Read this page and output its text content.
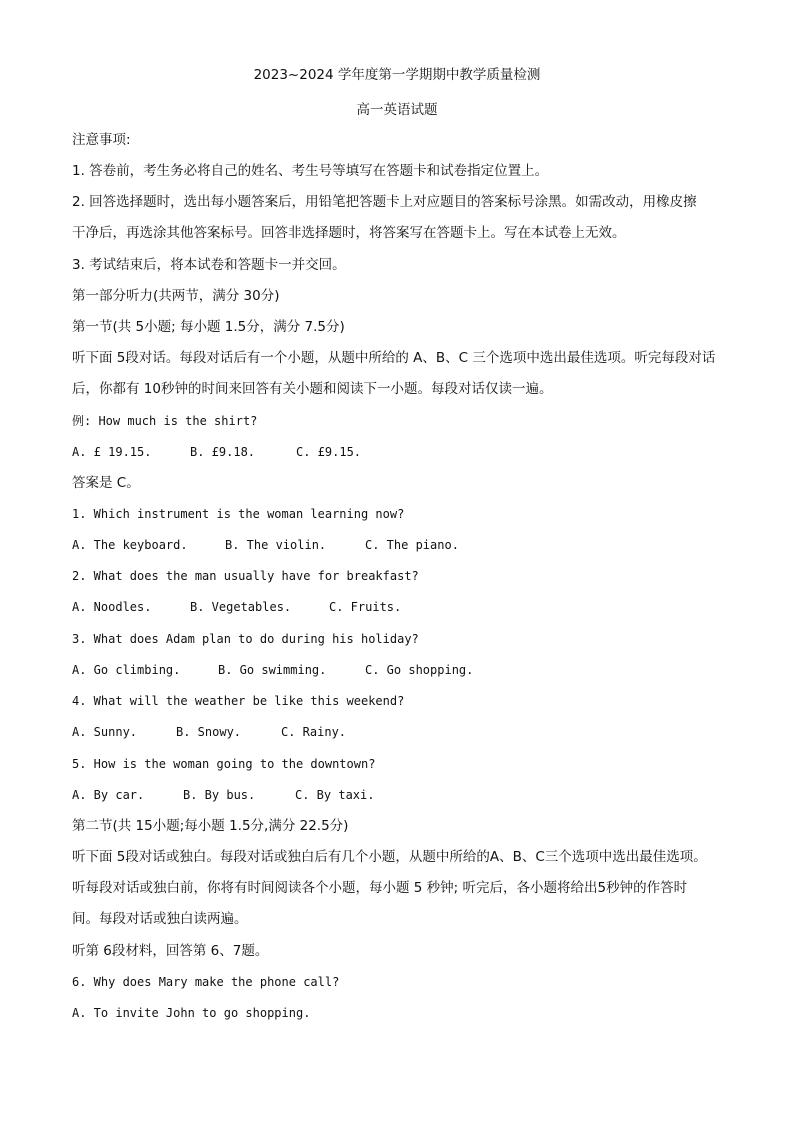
2023~2024 学年度第一学期期中教学质量检测
高一英语试题
注意事项:
1. 答卷前，考生务必将自己的姓名、考生号等填写在答题卡和试卷指定位置上。
2. 回答选择题时，选出每小题答案后，用铅笔把答题卡上对应题目的答案标号涂黑。如需改动，用橡皮擦
干净后，再选涂其他答案标号。回答非选择题时，将答案写在答题卡上。写在本试卷上无效。
3. 考试结束后，将本试卷和答题卡一并交回。
第一部分听力(共两节，满分 30分)
第一节(共 5小题; 每小题 1.5分，满分 7.5分)
听下面 5段对话。每段对话后有一个小题，从题中所给的 A、B、C 三个选项中选出最佳选项。听完每段对话
后，你都有 10秒钟的时间来回答有关小题和阅读下一小题。每段对话仅读一遍。
例: How much is the shirt?
A. £ 19.15.	B. £9.18.	C. £9.15.
答案是 C。
1. Which instrument is the woman learning now?
A. The keyboard.	B. The violin.	C. The piano.
2. What does the man usually have for breakfast?
A. Noodles.	B. Vegetables.	C. Fruits.
3. What does Adam plan to do during his holiday?
A. Go climbing.	B. Go swimming.	C. Go shopping.
4. What will the weather be like this weekend?
A. Sunny.	B. Snowy.	C. Rainy.
5. How is the woman going to the downtown?
A. By car.	B. By bus.	C. By taxi.
第二节(共 15小题;每小题 1.5分,满分 22.5分)
听下面 5段对话或独白。每段对话或独白后有几个小题，从题中所给的A、B、C三个选项中选出最佳选项。
听每段对话或独白前，你将有时间阅读各个小题，每小题 5 秒钟; 听完后，各小题将给出5秒钟的作答时
间。每段对话或独白读两遍。
听第 6段材料，回答第 6、7题。
6. Why does Mary make the phone call?
A. To invite John to go shopping.
